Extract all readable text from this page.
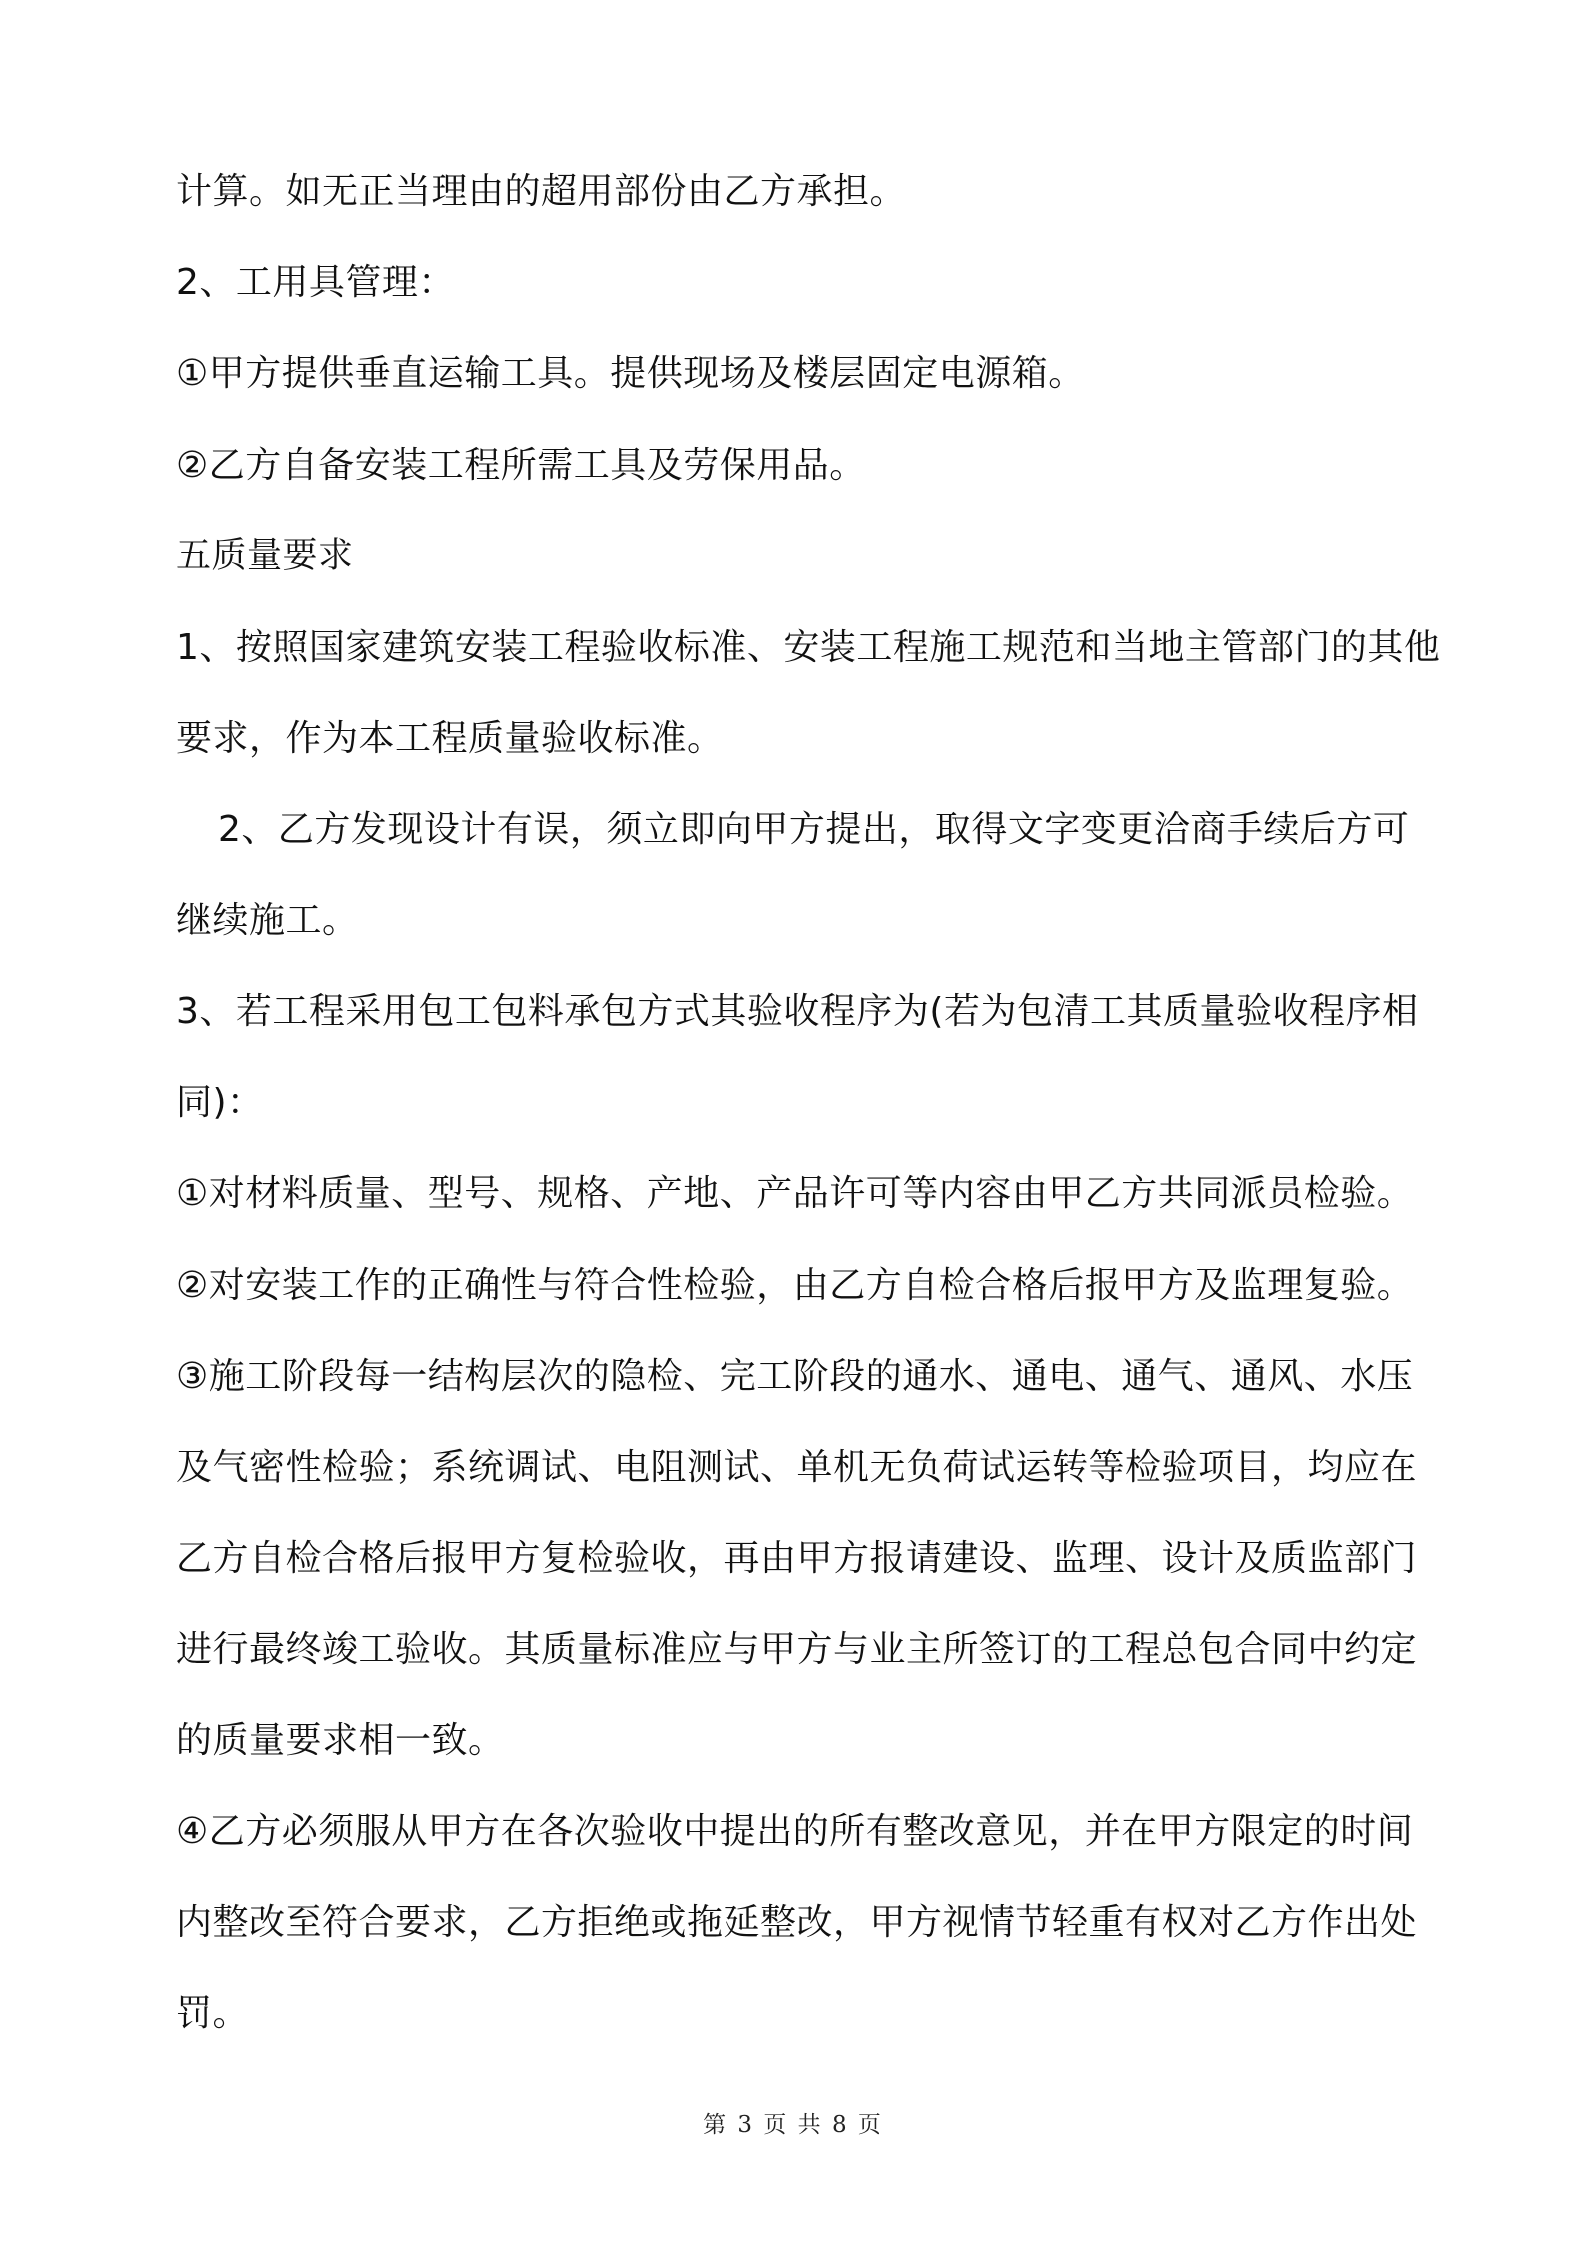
计算。如无正当理由的超用部份由乙方承担。
2、工用具管理：
①甲方提供垂直运输工具。提供现场及楼层固定电源箱。
②乙方自备安装工程所需工具及劳保用品。
五质量要求
1、按照国家建筑安装工程验收标准、安装工程施工规范和当地主管部门的其他
要求，作为本工程质量验收标准。
2、乙方发现设计有误，须立即向甲方提出，取得文字变更洽商手续后方可
继续施工。
3、若工程采用包工包料承包方式其验收程序为(若为包清工其质量验收程序相
同)：
①对材料质量、型号、规格、产地、产品许可等内容由甲乙方共同派员检验。
②对安装工作的正确性与符合性检验，由乙方自检合格后报甲方及监理复验。
③施工阶段每一结构层次的隐检、完工阶段的通水、通电、通气、通风、水压
及气密性检验；系统调试、电阻测试、单机无负荷试运转等检验项目，均应在
乙方自检合格后报甲方复检验收，再由甲方报请建设、监理、设计及质监部门
进行最终竣工验收。其质量标准应与甲方与业主所签订的工程总包合同中约定
的质量要求相一致。
④乙方必须服从甲方在各次验收中提出的所有整改意见，并在甲方限定的时间
内整改至符合要求，乙方拒绝或拖延整改，甲方视情节轻重有权对乙方作出处
罚。
第 3 页 共 8 页
